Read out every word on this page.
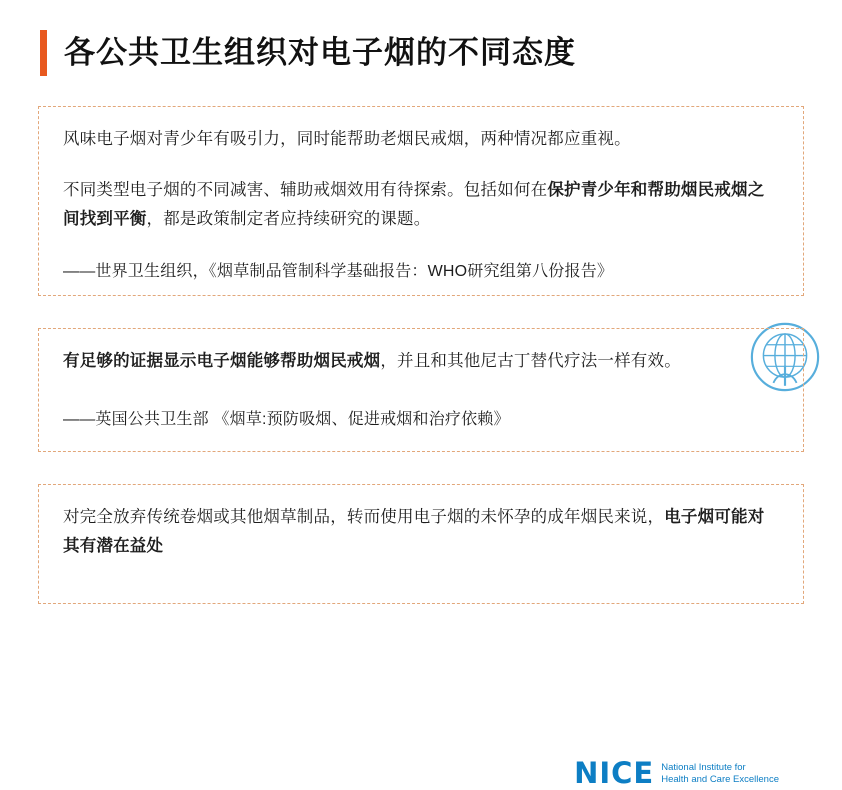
各公共卫生组织对电子烟的不同态度
风味电子烟对青少年有吸引力，同时能帮助老烟民戒烟，两种情况都应重视。
不同类型电子烟的不同减害、辅助戒烟效用有待探索。包括如何在保护青少年和帮助烟民戒烟之间找到平衡，都是政策制定者应持续研究的课题。
——世界卫生组织，《烟草制品管制科学基础报告：WHO研究组第八份报告》
有足够的证据显示电子烟能够帮助烟民戒烟，并且和其他尼古丁替代疗法一样有效。
——英国公共卫生部 《烟草:预防吸烟、促进戒烟和治疗依赖》
NICE National Institute for
Health and Care Excellence
对完全放弃传统卷烟或其他烟草制品，转而使用电子烟的未怀孕的成年烟民来说，电子烟可能对其有潜在益处
